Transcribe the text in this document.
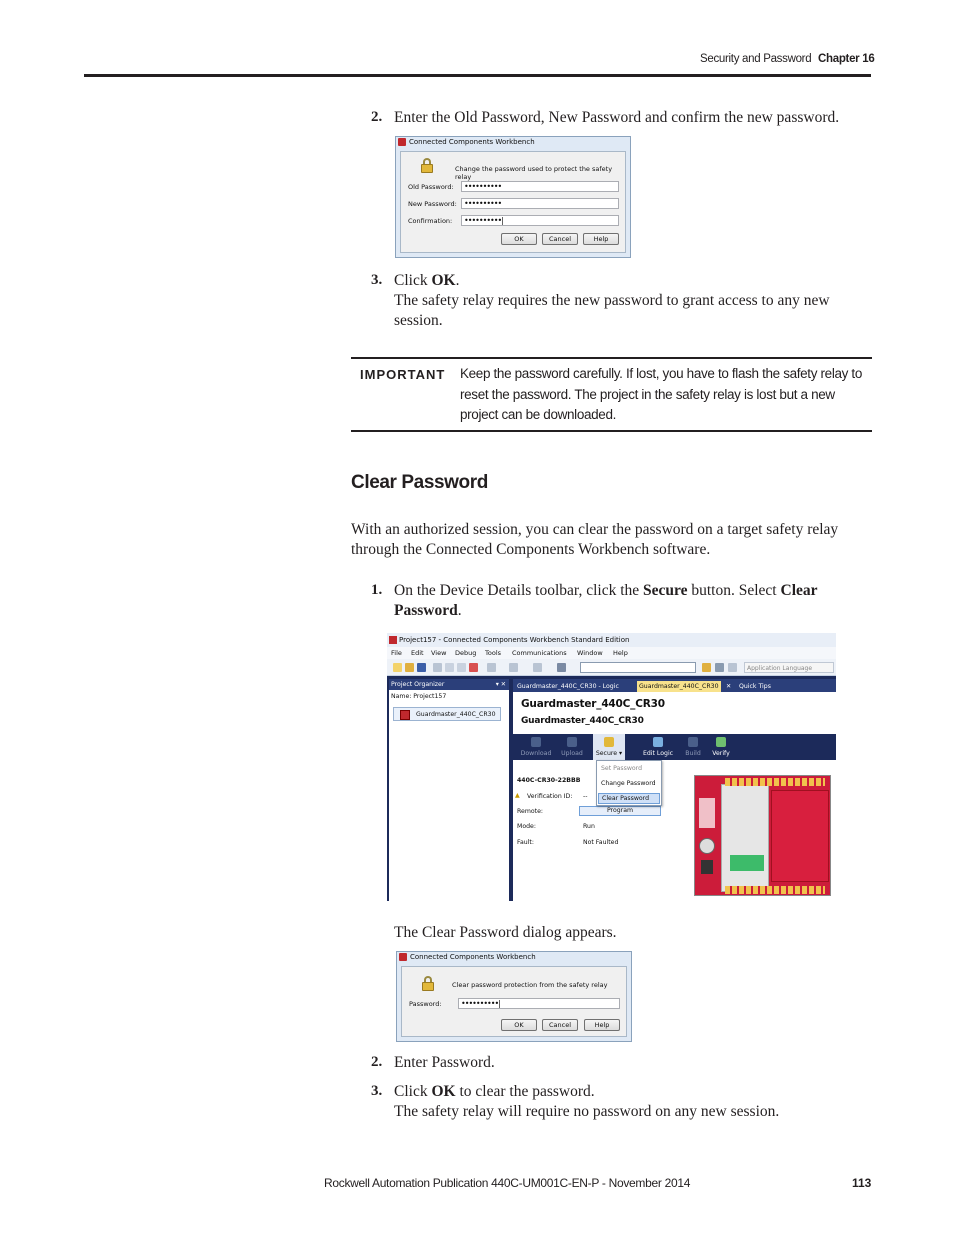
Security and Password Chapter 16
2. Enter the Old Password, New Password and confirm the new password.
Connected Components Workbench
Change the password used to protect the safety relay
Old Password:	••••••••••
New Password: ••••••••••
Confirmation:	••••••••••|
OK	Cancel	Help
3. Click OK.
The safety relay requires the new password to grant access to any new session.
IMPORTANT Keep the password carefully. If lost, you have to flash the safety relay to reset the password. The project in the safety relay is lost but a new project can be downloaded.
Clear Password
With an authorized session, you can clear the password on a target safety relay through the Connected Components Workbench software.
1. On the Device Details toolbar, click the Secure button. Select Clear
Password.
Project157 - Connected Components Workbench Standard Edition
File Edit View Debug Tools Communications Window Help
Application Language
Project Organizer	▾ ✕
Name: Project157
Guardmaster_440C_CR30
Guardmaster_440C_CR30 - Logic	Guardmaster_440C_CR30	✕	Quick Tips
Guardmaster_440C_CR30
Guardmaster_440C_CR30
Download	Upload	Secure ▾	Edit Logic	Build	Verify
440C-CR30-22BBB
▲ Verification ID: --
Remote:	Program
Mode:	Run
Fault:	Not Faulted
Set Password
Change Password
Clear Password
The Clear Password dialog appears.
Connected Components Workbench
Clear password protection from the safety relay
Password:	••••••••••|
OK	Cancel	Help
2. Enter Password.
3. Click OK to clear the password.
The safety relay will require no password on any new session.
Rockwell Automation Publication 440C-UM001C-EN-P - November 2014	113
